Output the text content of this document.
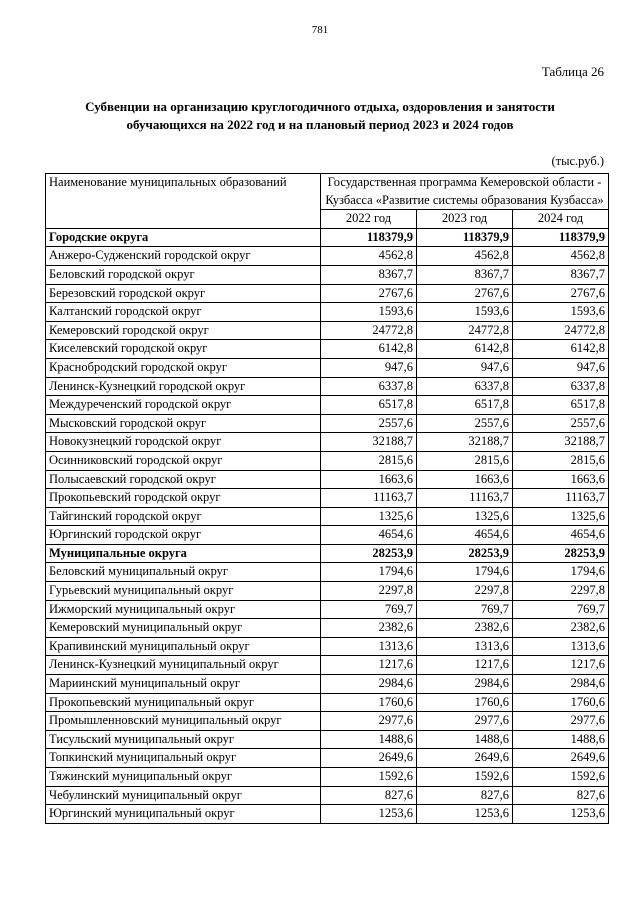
781
Таблица 26
Субвенции на организацию круглогодичного отдыха, оздоровления и занятости
обучающихся на 2022 год и на плановый период 2023 и 2024 годов
(тыс.руб.)
Наименование муниципальных образований	Государственная программа Кемеровской области - Кузбасса «Развитие системы образования Кузбасса»		
	2022 год	2023 год	2024 год
Городские округа	118379,9	118379,9	118379,9
Анжеро-Судженский городской округ	4562,8	4562,8	4562,8
Беловский городской округ	8367,7	8367,7	8367,7
Березовский городской округ	2767,6	2767,6	2767,6
Калтанский городской округ	1593,6	1593,6	1593,6
Кемеровский городской округ	24772,8	24772,8	24772,8
Киселевский городской округ	6142,8	6142,8	6142,8
Краснобродский городской округ	947,6	947,6	947,6
Ленинск-Кузнецкий городской округ	6337,8	6337,8	6337,8
Междуреченский городской округ	6517,8	6517,8	6517,8
Мысковский городской округ	2557,6	2557,6	2557,6
Новокузнецкий городской округ	32188,7	32188,7	32188,7
Осинниковский городской округ	2815,6	2815,6	2815,6
Полысаевский городской округ	1663,6	1663,6	1663,6
Прокопьевский городской округ	11163,7	11163,7	11163,7
Тайгинский городской округ	1325,6	1325,6	1325,6
Юргинский городской округ	4654,6	4654,6	4654,6
Муниципальные округа	28253,9	28253,9	28253,9
Беловский муниципальный округ	1794,6	1794,6	1794,6
Гурьевский муниципальный округ	2297,8	2297,8	2297,8
Ижморский муниципальный округ	769,7	769,7	769,7
Кемеровский муниципальный округ	2382,6	2382,6	2382,6
Крапивинский муниципальный округ	1313,6	1313,6	1313,6
Ленинск-Кузнецкий муниципальный округ	1217,6	1217,6	1217,6
Мариинский муниципальный округ	2984,6	2984,6	2984,6
Прокопьевский муниципальный округ	1760,6	1760,6	1760,6
Промышленновский муниципальный округ	2977,6	2977,6	2977,6
Тисульский муниципальный округ	1488,6	1488,6	1488,6
Топкинский муниципальный округ	2649,6	2649,6	2649,6
Тяжинский муниципальный округ	1592,6	1592,6	1592,6
Чебулинский муниципальный округ	827,6	827,6	827,6
Юргинский муниципальный округ	1253,6	1253,6	1253,6
